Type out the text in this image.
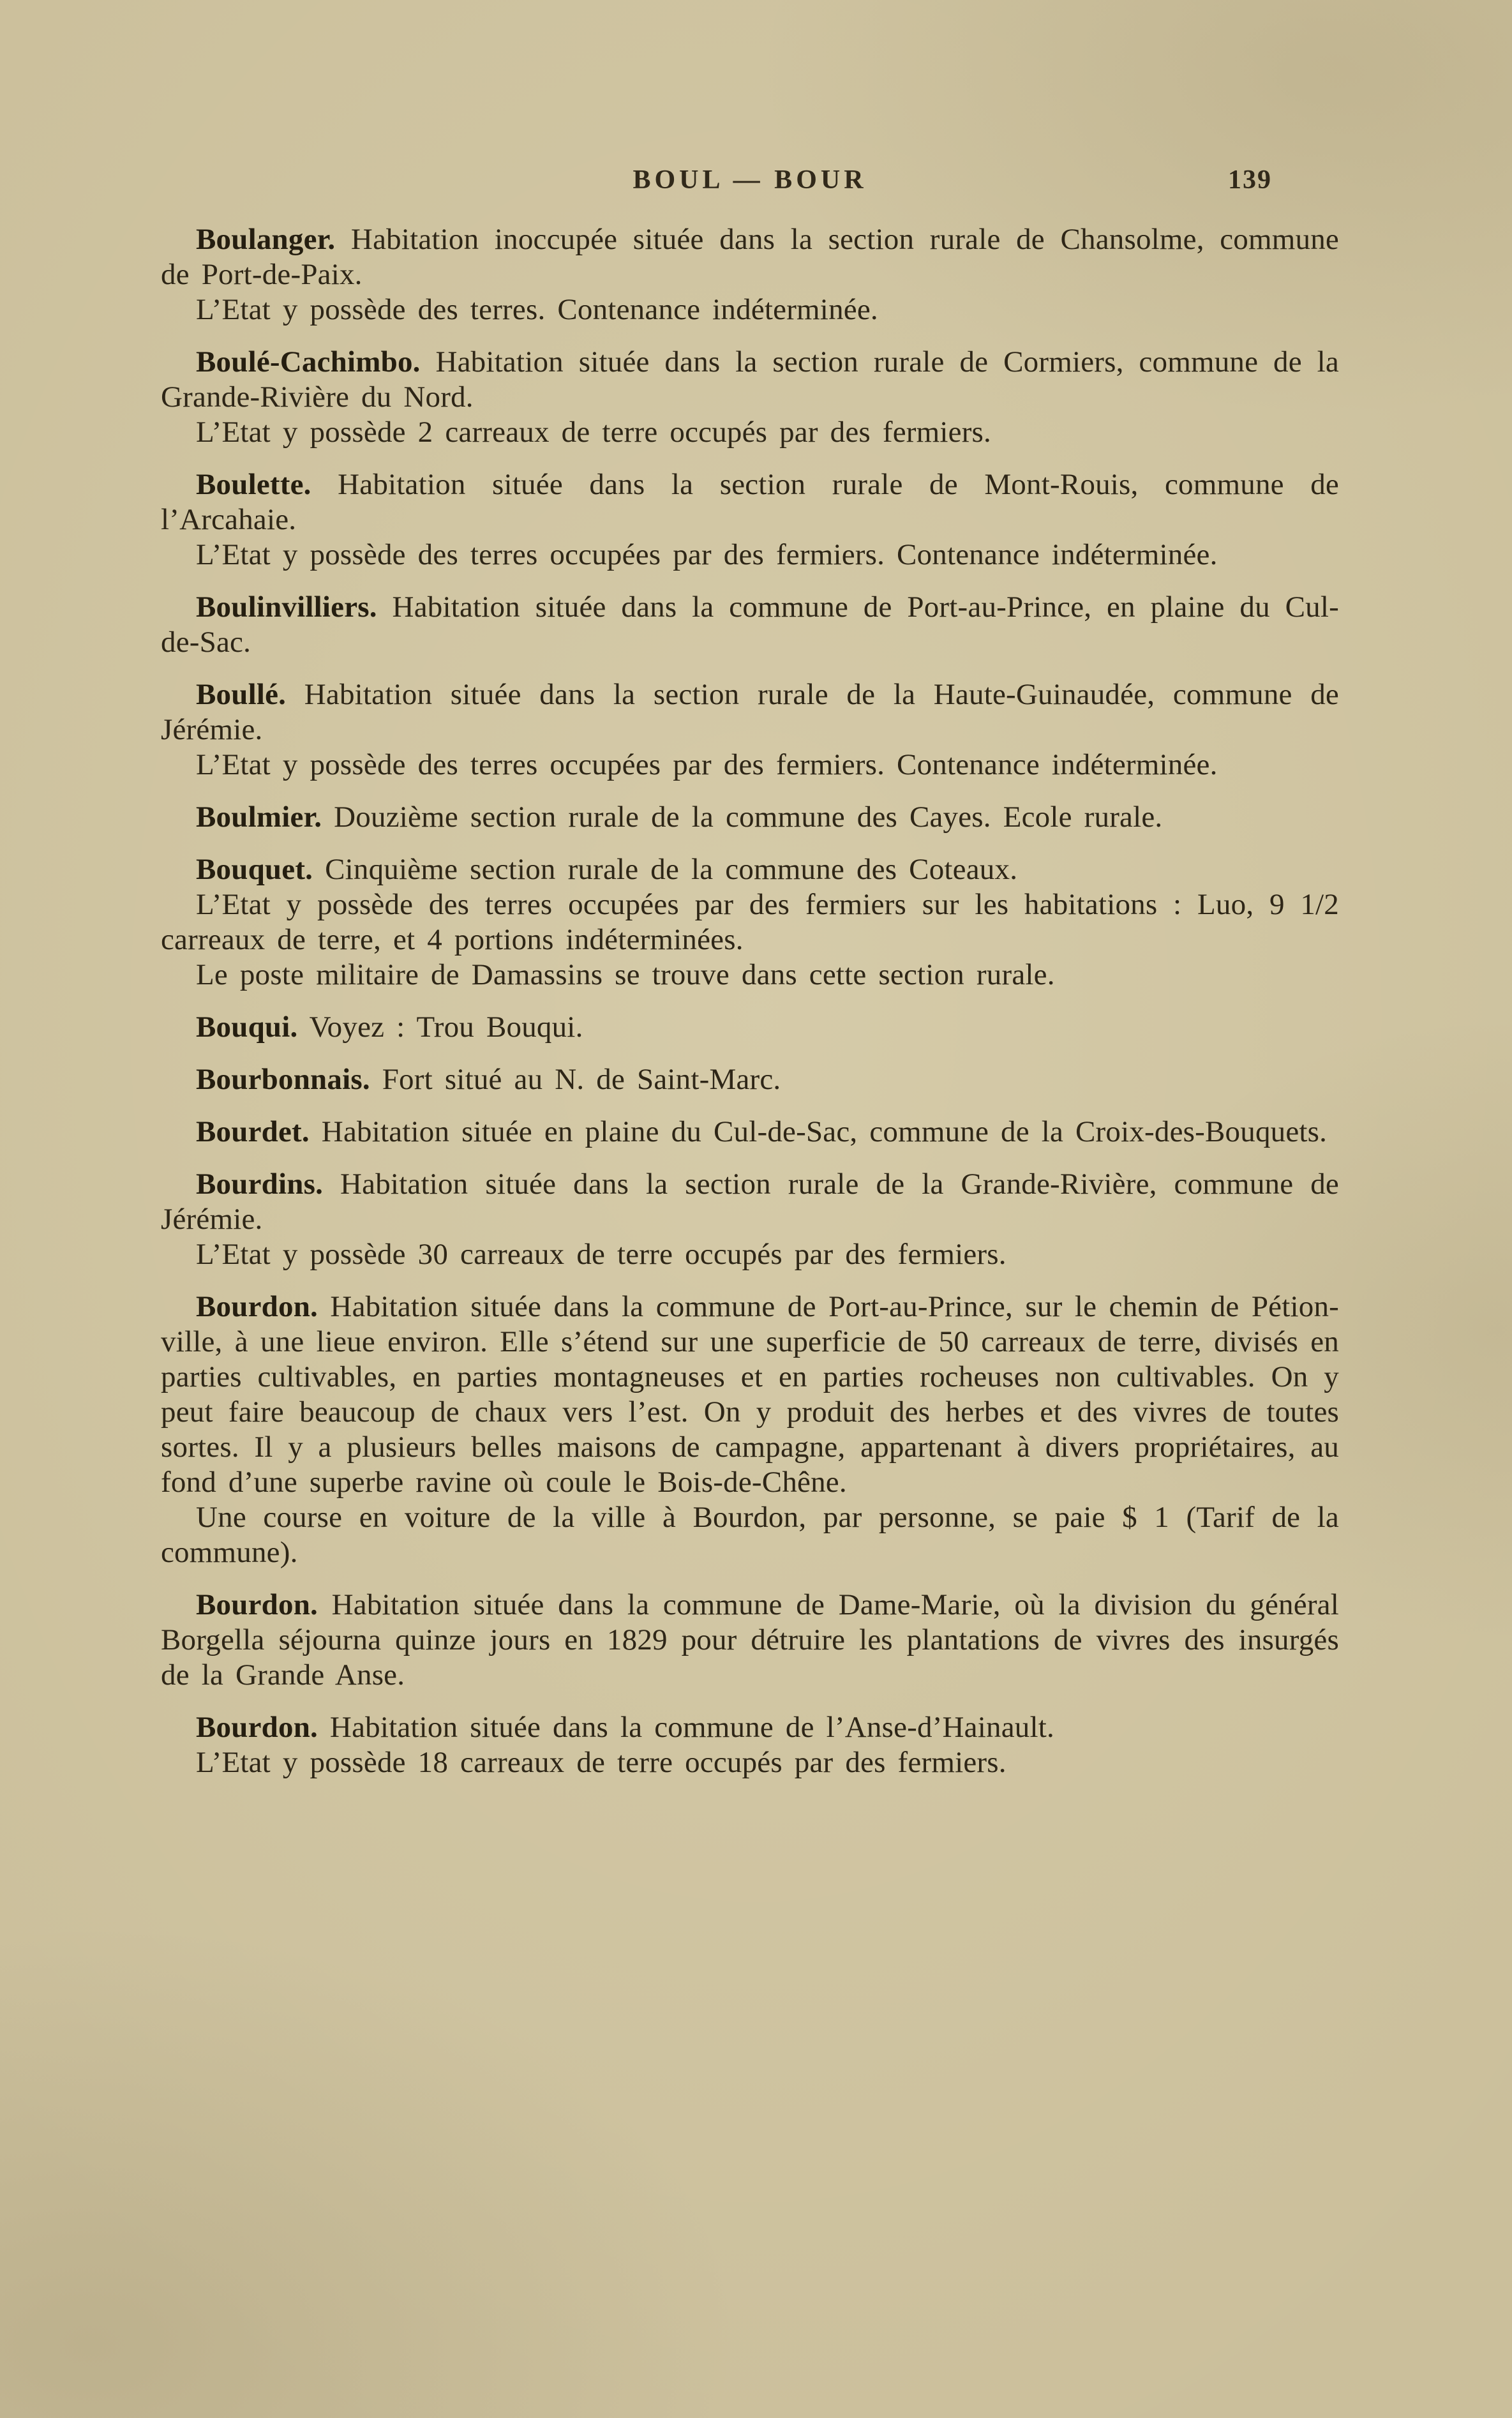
BOUL — BOUR	139

Boulanger. Habitation inoccupée située dans la section rurale de Chansolme, commune de Port-de-Paix.

L’Etat y possède des terres. Contenance indéterminée.

Boulé-Cachimbo. Habitation située dans la section rurale de Cormiers, commune de la Grande-Rivière du Nord.

L’Etat y possède 2 carreaux de terre occupés par des fermiers.

Boulette. Habitation située dans la section rurale de Mont-Rouis, commune de l’Arcahaie.

L’Etat y possède des terres occupées par des fermiers. Contenance indéterminée.

Boulinvilliers. Habitation située dans la commune de Port-au-Prince, en plaine du Cul-de-Sac.

Boullé. Habitation située dans la section rurale de la Haute-Guinaudée, commune de Jérémie.

L’Etat y possède des terres occupées par des fermiers. Contenance indéterminée.

Boulmier. Douzième section rurale de la commune des Cayes. Ecole rurale.

Bouquet. Cinquième section rurale de la commune des Coteaux.

L’Etat y possède des terres occupées par des fermiers sur les habitations : Luo, 9 1/2 carreaux de terre, et 4 portions indéterminées.

Le poste militaire de Damassins se trouve dans cette section rurale.

Bouqui. Voyez : Trou Bouqui.

Bourbonnais. Fort situé au N. de Saint-Marc.

Bourdet. Habitation située en plaine du Cul-de-Sac, commune de la Croix-des-Bouquets.

Bourdins. Habitation située dans la section rurale de la Grande-Rivière, commune de Jérémie.

L’Etat y possède 30 carreaux de terre occupés par des fermiers.

Bourdon. Habitation située dans la commune de Port-au-Prince, sur le chemin de Pétion-ville, à une lieue environ. Elle s’étend sur une superficie de 50 carreaux de terre, divisés en parties cultivables, en parties montagneuses et en parties rocheuses non cultivables. On y peut faire beaucoup de chaux vers l’est. On y produit des herbes et des vivres de toutes sortes. Il y a plusieurs belles maisons de campagne, appartenant à divers propriétaires, au fond d’une superbe ravine où coule le Bois-de-Chêne.

Une course en voiture de la ville à Bourdon, par personne, se paie $ 1 (Tarif de la commune).

Bourdon. Habitation située dans la commune de Dame-Marie, où la division du général Borgella séjourna quinze jours en 1829 pour détruire les plantations de vivres des insurgés de la Grande Anse.

Bourdon. Habitation située dans la commune de l’Anse-d’Hainault.

L’Etat y possède 18 carreaux de terre occupés par des fermiers.
